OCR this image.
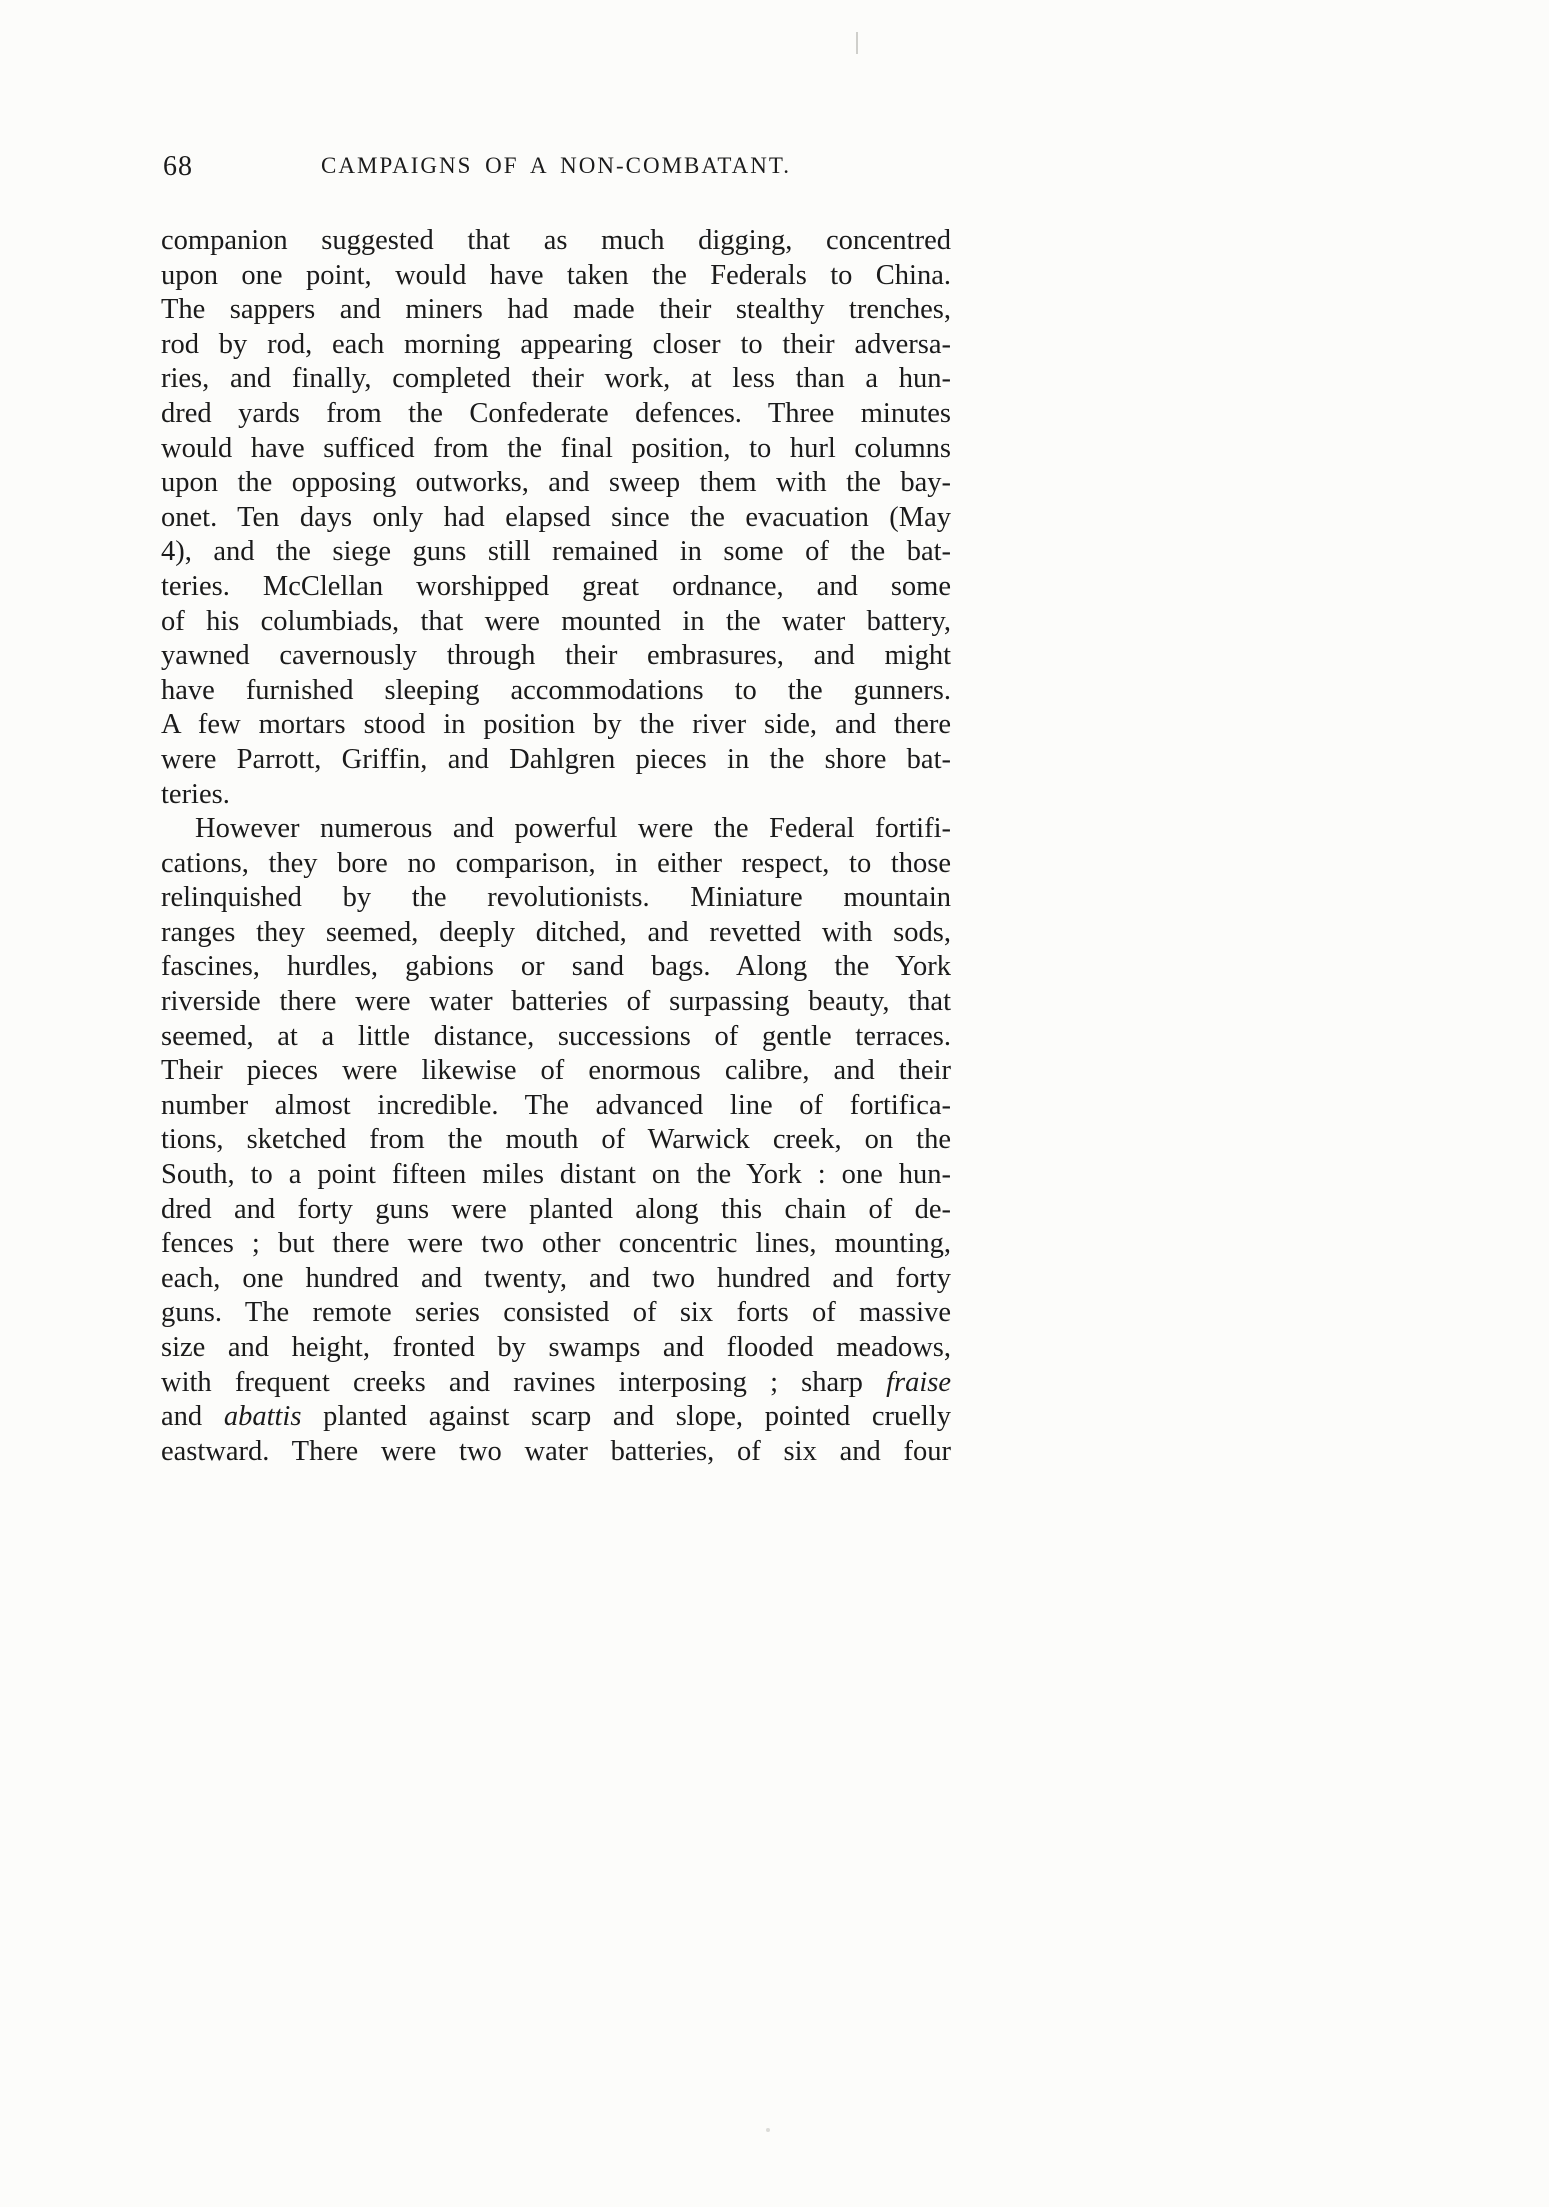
68	CAMPAIGNS OF A NON-COMBATANT.
companion suggested that as much digging, concentred
upon one point, would have taken the Federals to China.
The sappers and miners had made their stealthy trenches,
rod by rod, each morning appearing closer to their adversa-
ries, and finally, completed their work, at less than a hun-
dred yards from the Confederate defences. Three minutes
would have sufficed from the final position, to hurl columns
upon the opposing outworks, and sweep them with the bay-
onet. Ten days only had elapsed since the evacuation (May
4), and the siege guns still remained in some of the bat-
teries. McClellan worshipped great ordnance, and some
of his columbiads, that were mounted in the water battery,
yawned cavernously through their embrasures, and might
have furnished sleeping accommodations to the gunners.
A few mortars stood in position by the river side, and there
were Parrott, Griffin, and Dahlgren pieces in the shore bat-
teries.
However numerous and powerful were the Federal fortifi-
cations, they bore no comparison, in either respect, to those
relinquished by the revolutionists. Miniature mountain
ranges they seemed, deeply ditched, and revetted with sods,
fascines, hurdles, gabions or sand bags. Along the York
riverside there were water batteries of surpassing beauty, that
seemed, at a little distance, successions of gentle terraces.
Their pieces were likewise of enormous calibre, and their
number almost incredible. The advanced line of fortifica-
tions, sketched from the mouth of Warwick creek, on the
South, to a point fifteen miles distant on the York : one hun-
dred and forty guns were planted along this chain of de-
fences ; but there were two other concentric lines, mounting,
each, one hundred and twenty, and two hundred and forty
guns. The remote series consisted of six forts of massive
size and height, fronted by swamps and flooded meadows,
with frequent creeks and ravines interposing ; sharp fraise
and abattis planted against scarp and slope, pointed cruelly
eastward. There were two water batteries, of six and four
